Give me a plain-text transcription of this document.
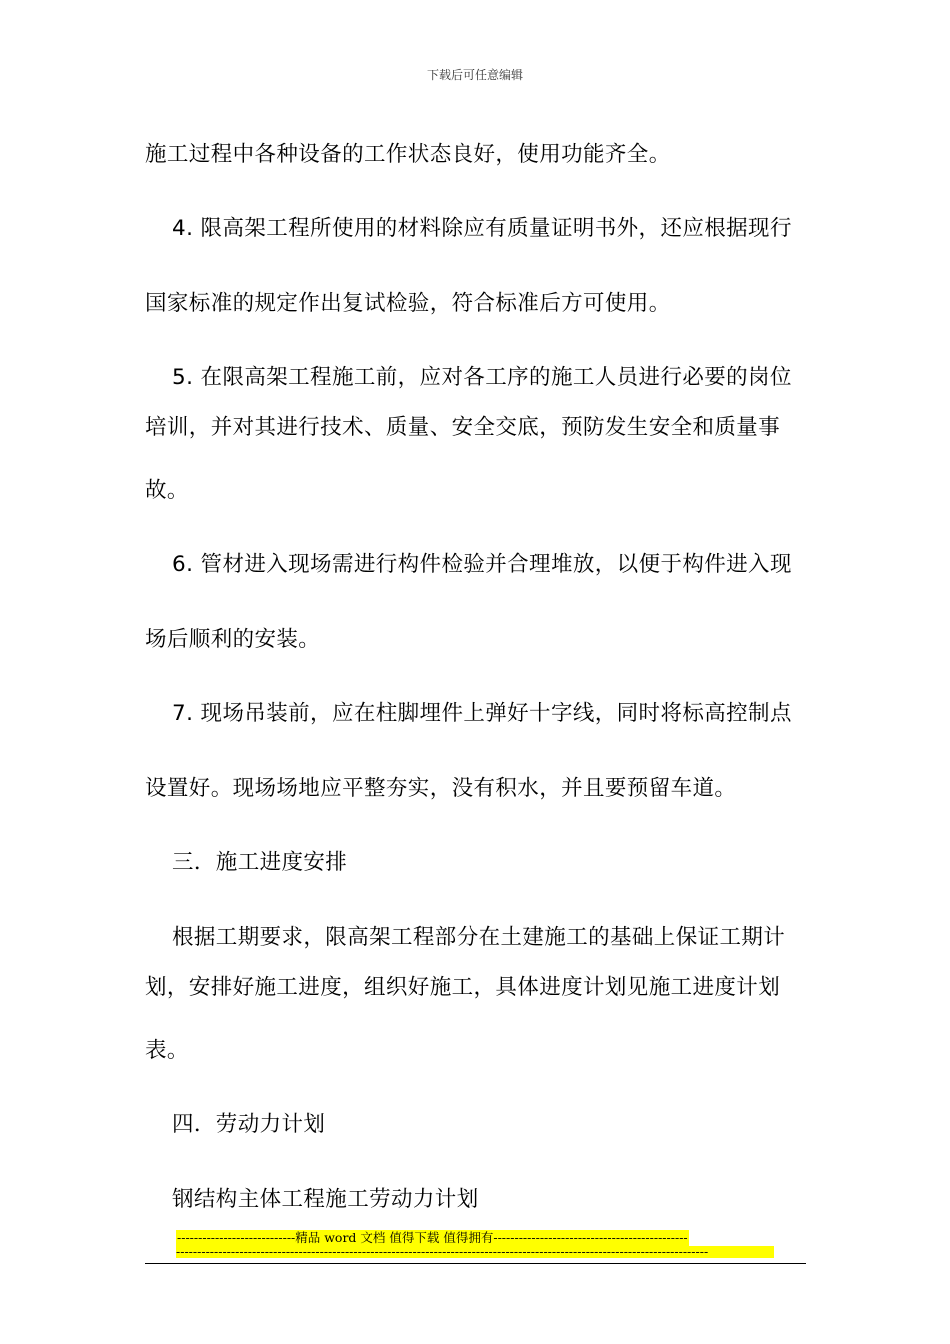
下载后可任意编辑
施工过程中各种设备的工作状态良好，使用功能齐全。
4. 限高架工程所使用的材料除应有质量证明书外，还应根据现行
国家标准的规定作出复试检验，符合标准后方可使用。
5. 在限高架工程施工前，应对各工序的施工人员进行必要的岗位
培训，并对其进行技术、质量、安全交底，预防发生安全和质量事
故。
6. 管材进入现场需进行构件检验并合理堆放，以便于构件进入现
场后顺利的安装。
7. 现场吊装前，应在柱脚埋件上弹好十字线，同时将标高控制点
设置好。现场场地应平整夯实，没有积水，并且要预留车道。
三．施工进度安排
根据工期要求，限高架工程部分在土建施工的基础上保证工期计
划，安排好施工进度，组织好施工，具体进度计划见施工进度计划
表。
四．劳动力计划
钢结构主体工程施工劳动力计划
----------------------------精品 word 文档 值得下载 值得拥有----------------------------------------------
------------------------------------------------------------------------------------------------------------------------------
